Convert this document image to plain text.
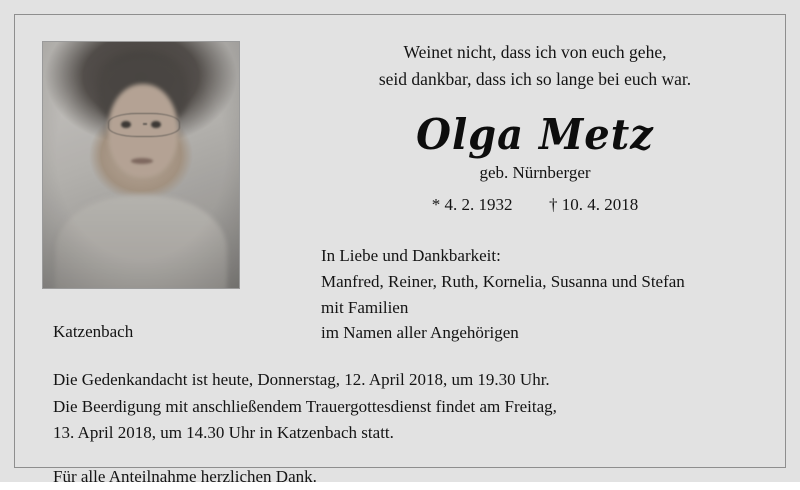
Weinet nicht, dass ich von euch gehe,
seid dankbar, dass ich so lange bei euch war.
Olga Metz
geb. Nürnberger
* 4. 2. 1932 † 10. 4. 2018
In Liebe und Dankbarkeit:
Manfred, Reiner, Ruth, Kornelia, Susanna und Stefan
mit Familien
im Namen aller Angehörigen
Katzenbach
Die Gedenkandacht ist heute, Donnerstag, 12. April 2018, um 19.30 Uhr.
Die Beerdigung mit anschließendem Trauergottesdienst findet am Freitag,
13. April 2018, um 14.30 Uhr in Katzenbach statt.
Für alle Anteilnahme herzlichen Dank.
